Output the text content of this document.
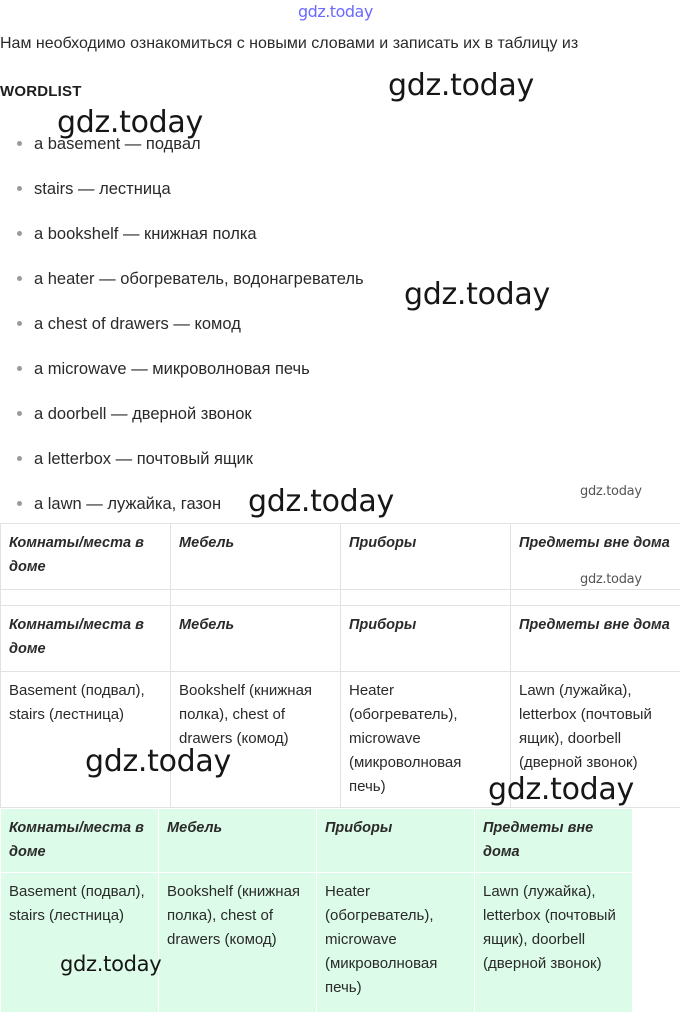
gdz.today
Нам необходимо ознакомиться с новыми словами и записать их в таблицу из
WORDLIST
a basement — подвал
stairs — лестница
a bookshelf — книжная полка
a heater — обогреватель, водонагреватель
a chest of drawers — комод
a microwave — микроволновая печь
a doorbell — дверной звонок
a letterbox — почтовый ящик
a lawn — лужайка, газон
Комнаты/места в доме	Мебель	Приборы	Предметы вне дома

Комнаты/места в доме	Мебель	Приборы	Предметы вне дома
Basement (подвал), stairs (лестница)	Bookshelf (книжная полка), chest of drawers (комод)	Heater (обогреватель), microwave (микроволновая печь)	Lawn (лужайка), letterbox (почтовый ящик), doorbell (дверной звонок)
Комнаты/места в доме	Мебель	Приборы	Предметы вне дома
Basement (подвал), stairs (лестница)	Bookshelf (книжная полка), chest of drawers (комод)	Heater (обогреватель), microwave (микроволновая печь)	Lawn (лужайка), letterbox (почтовый ящик), doorbell (дверной звонок)
gdz.today
gdz.today
gdz.today
gdz.today	gdz.today
gdz.today
gdz.today
gdz.today
gdz.today
